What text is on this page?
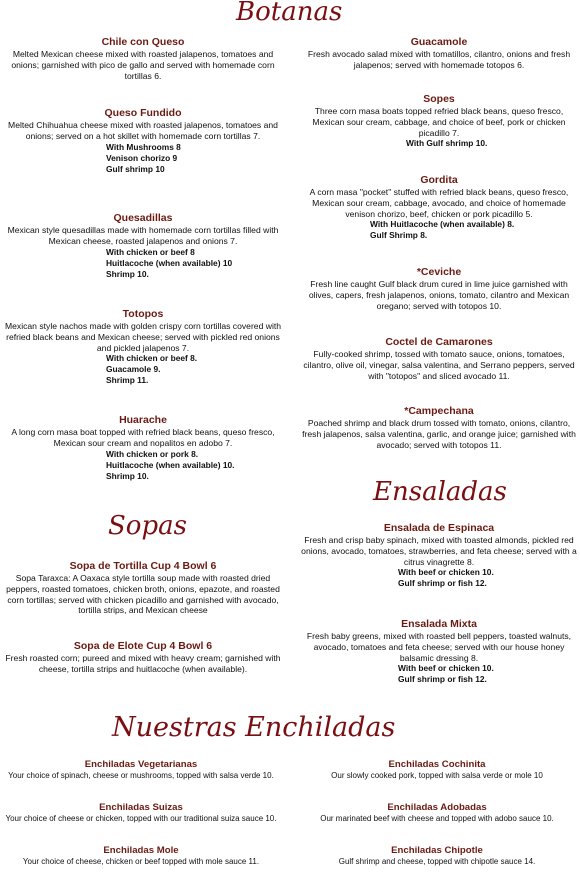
Botanas
Sopas
Ensaladas
Nuestras Enchiladas
Chile con Queso

Melted Mexican cheese mixed with roasted jalapenos, tomatoes and onions; garnished with pico de gallo and served with homemade corn tortillas 6.

Queso Fundido

Melted Chihuahua cheese mixed with roasted jalapenos, tomatoes and onions; served on a hot skillet with homemade corn tortillas 7.

With Mushrooms 8

Venison chorizo 9

Gulf shrimp 10

Quesadillas

Mexican style quesadillas made with homemade corn tortillas filled with Mexican cheese, roasted jalapenos and onions 7.

With chicken or beef 8

Huitlacoche (when available) 10

Shrimp 10.

Totopos

Mexican style nachos made with golden crispy corn tortillas covered with refried black beans and Mexican cheese; served with pickled red onions and pickled jalapenos 7.

With chicken or beef 8.

Guacamole 9.

Shrimp 11.

Huarache

A long corn masa boat topped with refried black beans, queso fresco, Mexican sour cream and nopalitos en adobo 7.

With chicken or pork 8.

Huitlacoche (when available) 10.

Shrimp 10.

Guacamole

Fresh avocado salad mixed with tomatillos, cilantro, onions and fresh jalapenos; served with homemade totopos 6.

Sopes

Three corn masa boats topped refried black beans, queso fresco, Mexican sour cream, cabbage, and choice of beef, pork or chicken picadillo 7.

With Gulf shrimp 10.

Gordita

A corn masa "pocket" stuffed with refried black beans, queso fresco, Mexican sour cream, cabbage, avocado, and choice of homemade venison chorizo, beef, chicken or pork picadillo 5.

With Huitlacoche (when available) 8.

Gulf Shrimp 8.

*Ceviche

Fresh line caught Gulf black drum cured in lime juice garnished with olives, capers, fresh jalapenos, onions, tomato, cilantro and Mexican oregano; served with totopos 10.

Coctel de Camarones

Fully-cooked shrimp, tossed with tomato sauce, onions, tomatoes, cilantro, olive oil, vinegar, salsa valentina, and Serrano peppers, served with "totopos" and sliced avocado 11.

*Campechana

Poached shrimp and black drum tossed with tomato, onions, cilantro, fresh jalapenos, salsa valentina, garlic, and orange juice; garnished with avocado; served with totopos 11.

Sopa de Tortilla Cup 4 Bowl 6

Sopa Taraxca: A Oaxaca style tortilla soup made with roasted dried peppers, roasted tomatoes, chicken broth, onions, epazote, and roasted corn tortillas; served with chicken picadillo and garnished with avocado, tortilla strips, and Mexican cheese

Sopa de Elote Cup 4 Bowl 6

Fresh roasted corn; pureed and mixed with heavy cream; garnished with cheese, tortilla strips and huitlacoche (when available).

Ensalada de Espinaca

Fresh and crisp baby spinach, mixed with toasted almonds, pickled red onions, avocado, tomatoes, strawberries, and feta cheese; served with a citrus vinagrette 8.

With beef or chicken 10.

Gulf shrimp or fish 12.

Ensalada Mixta

Fresh baby greens, mixed with roasted bell peppers, toasted walnuts, avocado, tomatoes and feta cheese; served with our house honey balsamic dressing 8.

With beef or chicken 10.

Gulf shrimp or fish 12.

Enchiladas Vegetarianas
Your choice of spinach, cheese or mushrooms, topped with salsa verde 10.
Enchiladas Suizas
Your choice of cheese or chicken, topped with our traditional suiza sauce 10.
Enchiladas Mole
Your choice of cheese, chicken or beef topped with mole sauce 11.
Enchiladas Cochinita
Our slowly cooked pork, topped with salsa verde or mole 10
Enchiladas Adobadas
Our marinated beef with cheese and topped with adobo sauce 10.
Enchiladas Chipotle
Gulf shrimp and cheese, topped with chipotle sauce 14.
